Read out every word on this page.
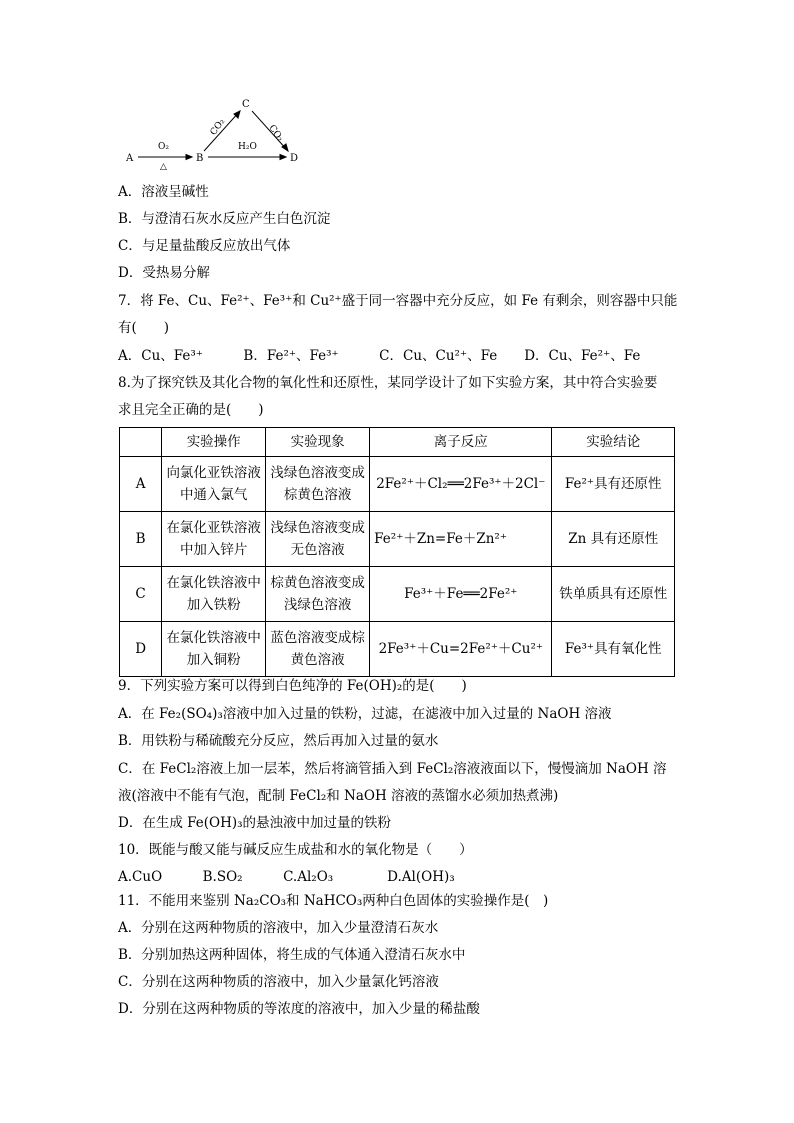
A	B
C
D
O₂
△
H₂O
CO₂	CO₂
A．溶液呈碱性
B．与澄清石灰水反应产生白色沉淀
C．与足量盐酸反应放出气体
D．受热易分解
7．将 Fe、Cu、Fe²⁺、Fe³⁺和 Cu²⁺盛于同一容器中充分反应，如 Fe 有剩余，则容器中只能
有(　　)
A．Cu、Fe³⁺　　　B．Fe²⁺、Fe³⁺　　　C．Cu、Cu²⁺、Fe　　D．Cu、Fe²⁺、Fe
8.为了探究铁及其化合物的氧化性和还原性，某同学设计了如下实验方案，其中符合实验要
求且完全正确的是(　　)
	实验操作	实验现象	离子反应	实验结论
A	向氯化亚铁溶液中通入氯气	浅绿色溶液变成棕黄色溶液	2Fe²⁺＋Cl₂══2Fe³⁺＋2Cl⁻	Fe²⁺具有还原性
B	在氯化亚铁溶液中加入锌片	浅绿色溶液变成无色溶液	Fe²⁺＋Zn=Fe＋Zn²⁺	Zn 具有还原性
C	在氯化铁溶液中加入铁粉	棕黄色溶液变成浅绿色溶液	Fe³⁺＋Fe══2Fe²⁺	铁单质具有还原性
D	在氯化铁溶液中加入铜粉	蓝色溶液变成棕黄色溶液	2Fe³⁺＋Cu=2Fe²⁺＋Cu²⁺	Fe³⁺具有氧化性
9．下列实验方案可以得到白色纯净的 Fe(OH)₂的是(　　)
A．在 Fe₂(SO₄)₃溶液中加入过量的铁粉，过滤，在滤液中加入过量的 NaOH 溶液
B．用铁粉与稀硫酸充分反应，然后再加入过量的氨水
C．在 FeCl₂溶液上加一层苯，然后将滴管插入到 FeCl₂溶液液面以下，慢慢滴加 NaOH 溶
液(溶液中不能有气泡，配制 FeCl₂和 NaOH 溶液的蒸馏水必须加热煮沸)
D．在生成 Fe(OH)₃的悬浊液中加过量的铁粉
10．既能与酸又能与碱反应生成盐和水的氧化物是（　　）
A.CuO　　　B.SO₂　　　C.Al₂O₃　　　　D.Al(OH)₃
11．不能用来鉴别 Na₂CO₃和 NaHCO₃两种白色固体的实验操作是(　)
A．分别在这两种物质的溶液中，加入少量澄清石灰水
B．分别加热这两种固体，将生成的气体通入澄清石灰水中
C．分别在这两种物质的溶液中，加入少量氯化钙溶液
D．分别在这两种物质的等浓度的溶液中，加入少量的稀盐酸
